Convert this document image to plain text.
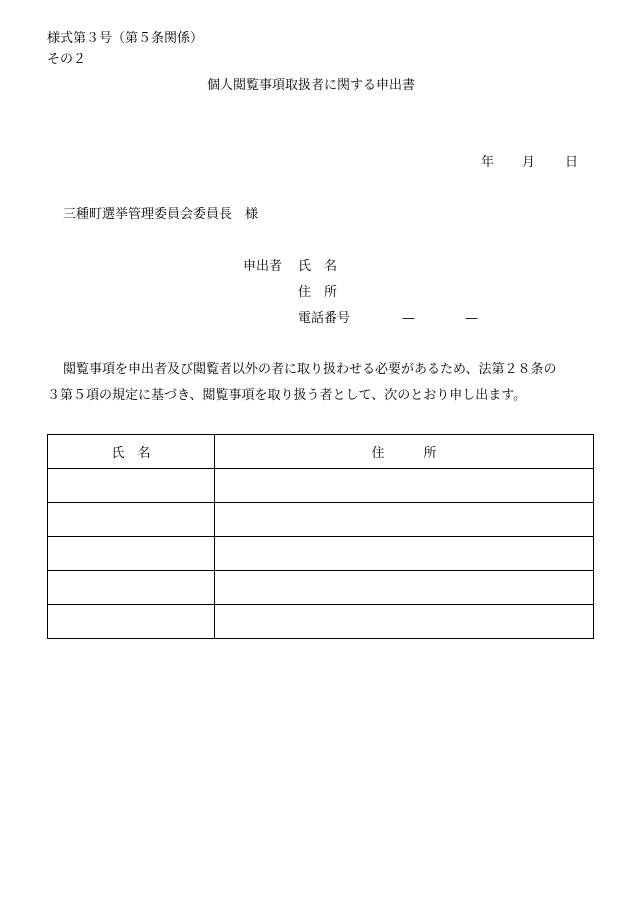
様式第３号（第５条関係）
その２
個人閲覧事項取扱者に関する申出書
年 月 日
三種町選挙管理委員会委員長　様
申出者 氏　名
住　所
電話番号	—	—
閲覧事項を申出者及び閲覧者以外の者に取り扱わせる必要があるため、法第２８条の
３第５項の規定に基づき、閲覧事項を取り扱う者として、次のとおり申し出ます。
氏　名	住　　　所
